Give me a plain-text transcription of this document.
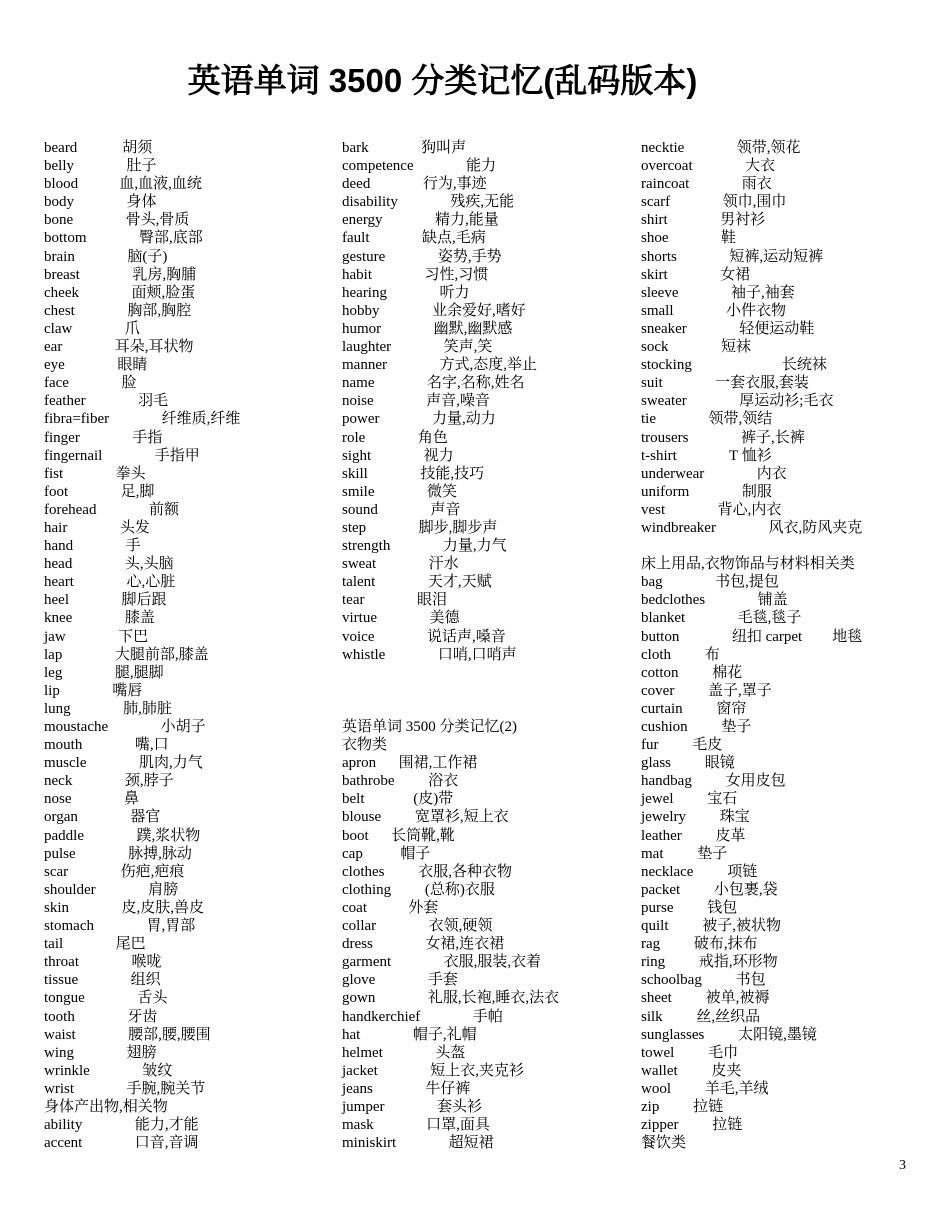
英语单词 3500 分类记忆(乱码版本)
beard            胡须
belly              肚子
blood           血,血液,血统
body              身体
bone              骨头,骨质
bottom              臀部,底部
brain              脑(子)
breast              乳房,胸脯
cheek              面颊,脸蛋
chest              胸部,胸腔
claw              爪
ear              耳朵,耳状物
eye              眼睛
face              脸
feather              羽毛
fibra=fiber              纤维质,纤维
finger              手指
fingernail              手指甲
fist              拳头
foot              足,脚
forehead              前额
hair              头发
hand              手
head              头,头脑
heart              心,心脏
heel              脚后跟
knee              膝盖
jaw              下巴
lap              大腿前部,膝盖
leg              腿,腿脚
lip              嘴唇
lung              肺,肺脏
moustache              小胡子
mouth              嘴,口
muscle              肌肉,力气
neck              颈,脖子
nose              鼻
organ              器官
paddle              蹼,浆状物
pulse              脉搏,脉动
scar              伤疤,疤痕
shoulder              肩膀
skin              皮,皮肤,兽皮
stomach              胃,胃部
tail              尾巴
throat              喉咙
tissue              组织
tongue              舌头
tooth              牙齿
waist              腰部,腰,腰围
wing              翅膀
wrinkle              皱纹
wrist              手腕,腕关节
身体产出物,相关物
ability              能力,才能
accent              口音,音调
bark              狗叫声
competence              能力
deed              行为,事迹
disability              残疾,无能
energy              精力,能量
fault              缺点,毛病
gesture              姿势,手势
habit              习性,习惯
hearing              听力
hobby              业余爱好,嗜好
humor              幽默,幽默感
laughter              笑声,笑
manner              方式,态度,举止
name              名字,名称,姓名
noise              声音,噪音
power              力量,动力
role              角色
sight              视力
skill              技能,技巧
smile              微笑
sound              声音
step              脚步,脚步声
strength              力量,力气
sweat              汗水
talent              天才,天赋
tear              眼泪
virtue              美德
voice              说话声,嗓音
whistle              口哨,口哨声
英语单词 3500 分类记忆(2)
衣物类
apron      围裙,工作裙
bathrobe         浴衣
belt             (皮)带
blouse         宽罩衫,短上衣
boot      长筒靴,靴
cap          帽子
clothes         衣服,各种衣物
clothing         (总称)衣服
coat           外套
collar              衣领,硬领
dress              女裙,连衣裙
garment              衣服,服装,衣着
glove              手套
gown              礼服,长袍,睡衣,法衣
handkerchief              手帕
hat              帽子,礼帽
helmet              头盔
jacket              短上衣,夹克衫
jeans              牛仔裤
jumper              套头衫
mask              口罩,面具
miniskirt              超短裙
necktie              领带,领花
overcoat              大衣
raincoat              雨衣
scarf              领巾,围巾
shirt              男衬衫
shoe              鞋
shorts              短裤,运动短裤
skirt              女裙
sleeve              袖子,袖套
small              小件衣物
sneaker              轻便运动鞋
sock              短袜
stocking                        长统袜
suit              一套衣服,套装
sweater              厚运动衫;毛衣
tie              领带,领结
trousers              裤子,长裤
t-shirt              T 恤衫
underwear              内衣
uniform              制服
vest              背心,内衣
windbreaker              风衣,防风夹克
床上用品,衣物饰品与材料相关类
bag              书包,提包
bedclothes              铺盖
blanket              毛毯,毯子
button              纽扣 carpet        地毯
cloth         布
cotton         棉花
cover         盖子,罩子
curtain         窗帘
cushion         垫子
fur         毛皮
glass         眼镜
handbag         女用皮包
jewel         宝石
jewelry         珠宝
leather         皮革
mat         垫子
necklace         项链
packet         小包裹,袋
purse         钱包
quilt         被子,被状物
rag         破布,抹布
ring         戒指,环形物
schoolbag         书包
sheet         被单,被褥
silk         丝,丝织品
sunglasses         太阳镜,墨镜
towel         毛巾
wallet         皮夹
wool         羊毛,羊绒
zip         拉链
zipper         拉链
餐饮类
3
